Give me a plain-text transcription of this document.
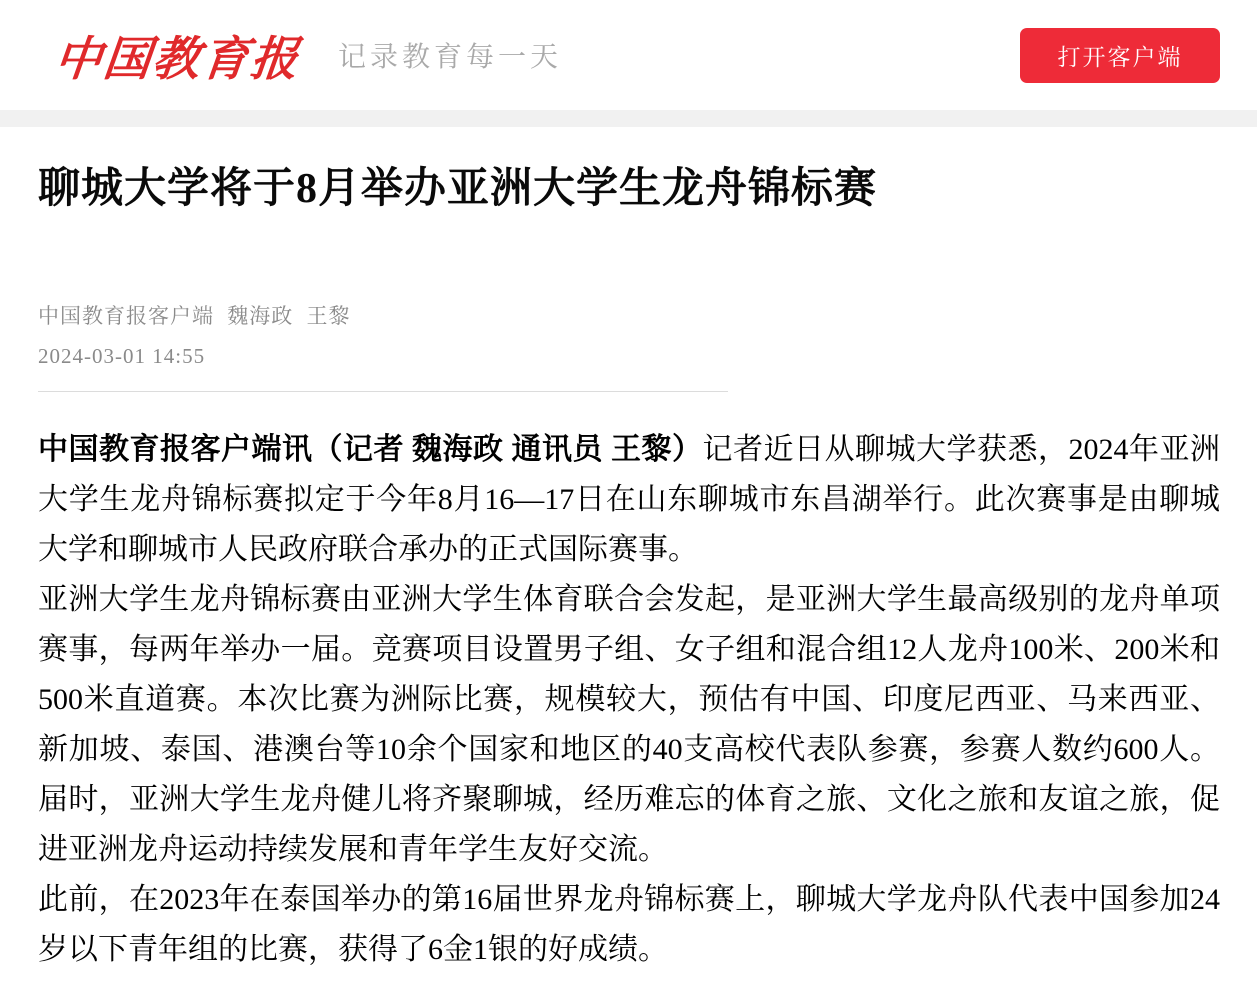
中国教育报 记录教育每一天	打开客户端
聊城大学将于8月举办亚洲大学生龙舟锦标赛
中国教育报客户端 魏海政 王黎
2024-03-01 14:55

中国教育报客户端讯（记者 魏海政 通讯员 王黎）记者近日从聊城大学获悉，2024年亚洲大学生龙舟锦标赛拟定于今年8月16—17日在山东聊城市东昌湖举行。此次赛事是由聊城大学和聊城市人民政府联合承办的正式国际赛事。

亚洲大学生龙舟锦标赛由亚洲大学生体育联合会发起，是亚洲大学生最高级别的龙舟单项赛事，每两年举办一届。竞赛项目设置男子组、女子组和混合组12人龙舟100米、200米和500米直道赛。本次比赛为洲际比赛，规模较大，预估有中国、印度尼西亚、马来西亚、新加坡、泰国、港澳台等10余个国家和地区的40支高校代表队参赛，参赛人数约600人。届时，亚洲大学生龙舟健儿将齐聚聊城，经历难忘的体育之旅、文化之旅和友谊之旅，促进亚洲龙舟运动持续发展和青年学生友好交流。

此前，在2023年在泰国举办的第16届世界龙舟锦标赛上，聊城大学龙舟队代表中国参加24岁以下青年组的比赛，获得了6金1银的好成绩。
